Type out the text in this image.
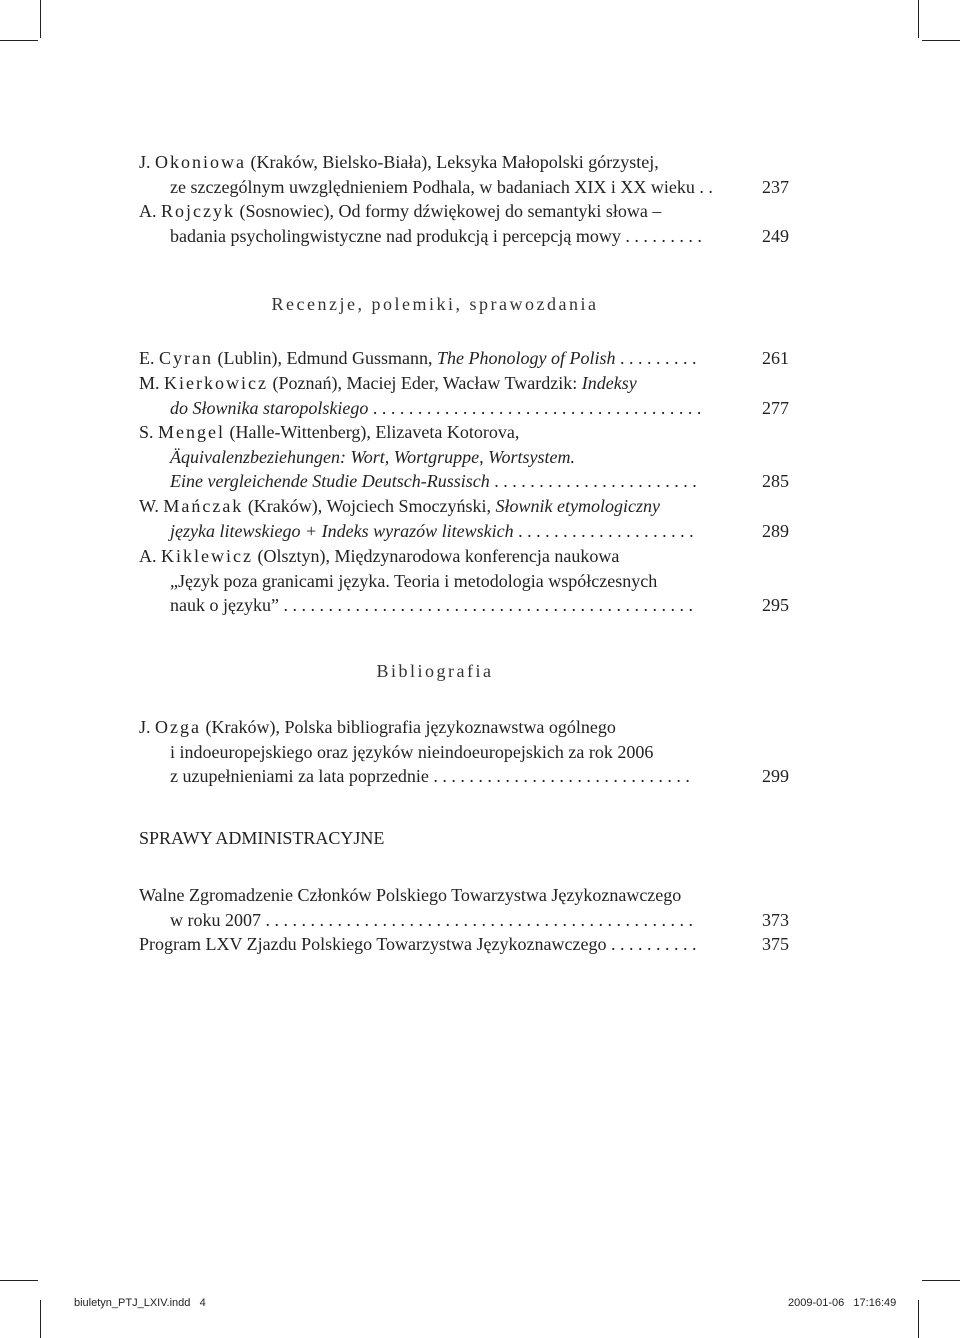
J. Okoniowa (Kraków, Bielsko-Biała), Leksyka Małopolski górzystej,
ze szczególnym uwzględnieniem Podhala, w badaniach XIX i XX wieku . .	237
A. Rojczyk (Sosnowiec), Od formy dźwiękowej do semantyki słowa –
badania psycholingwistyczne nad produkcją i percepcją mowy . . . . . . . . .	249
Recenzje, polemiki, sprawozdania
E. Cyran (Lublin), Edmund Gussmann, The Phonology of Polish . . . . . . . . .	261
M. Kierkowicz (Poznań), Maciej Eder, Wacław Twardzik: Indeksy
do Słownika staropolskiego . . . . . . . . . . . . . . . . . . . . . . . . . . . . . . . . . . . . .	277
S. Mengel (Halle-Wittenberg), Elizaveta Kotorova,
Äquivalenzbeziehungen: Wort, Wortgruppe, Wortsystem.
Eine vergleichende Studie Deutsch-Russisch . . . . . . . . . . . . . . . . . . . . . . .	285
W. Mańczak (Kraków), Wojciech Smoczyński, Słownik etymologiczny
języka litewskiego + Indeks wyrazów litewskich . . . . . . . . . . . . . . . . . . . .	289
A. Kiklewicz (Olsztyn), Międzynarodowa konferencja naukowa
„Język poza granicami języka. Teoria i metodologia współczesnych
nauk o języku” . . . . . . . . . . . . . . . . . . . . . . . . . . . . . . . . . . . . . . . . . . . . . .	295
Bibliografia
J. Ozga (Kraków), Polska bibliografia językoznawstwa ogólnego
i indoeuropejskiego oraz języków nieindoeuropejskich za rok 2006
z uzupełnieniami za lata poprzednie . . . . . . . . . . . . . . . . . . . . . . . . . . . . .	299
SPRAWY ADMINISTRACYJNE
Walne Zgromadzenie Członków Polskiego Towarzystwa Językoznawczego
w roku 2007 . . . . . . . . . . . . . . . . . . . . . . . . . . . . . . . . . . . . . . . . . . . . . . . .	373
Program LXV Zjazdu Polskiego Towarzystwa Językoznawczego . . . . . . . . . .	375
biuletyn_PTJ_LXIV.indd   4	2009-01-06   17:16:49
